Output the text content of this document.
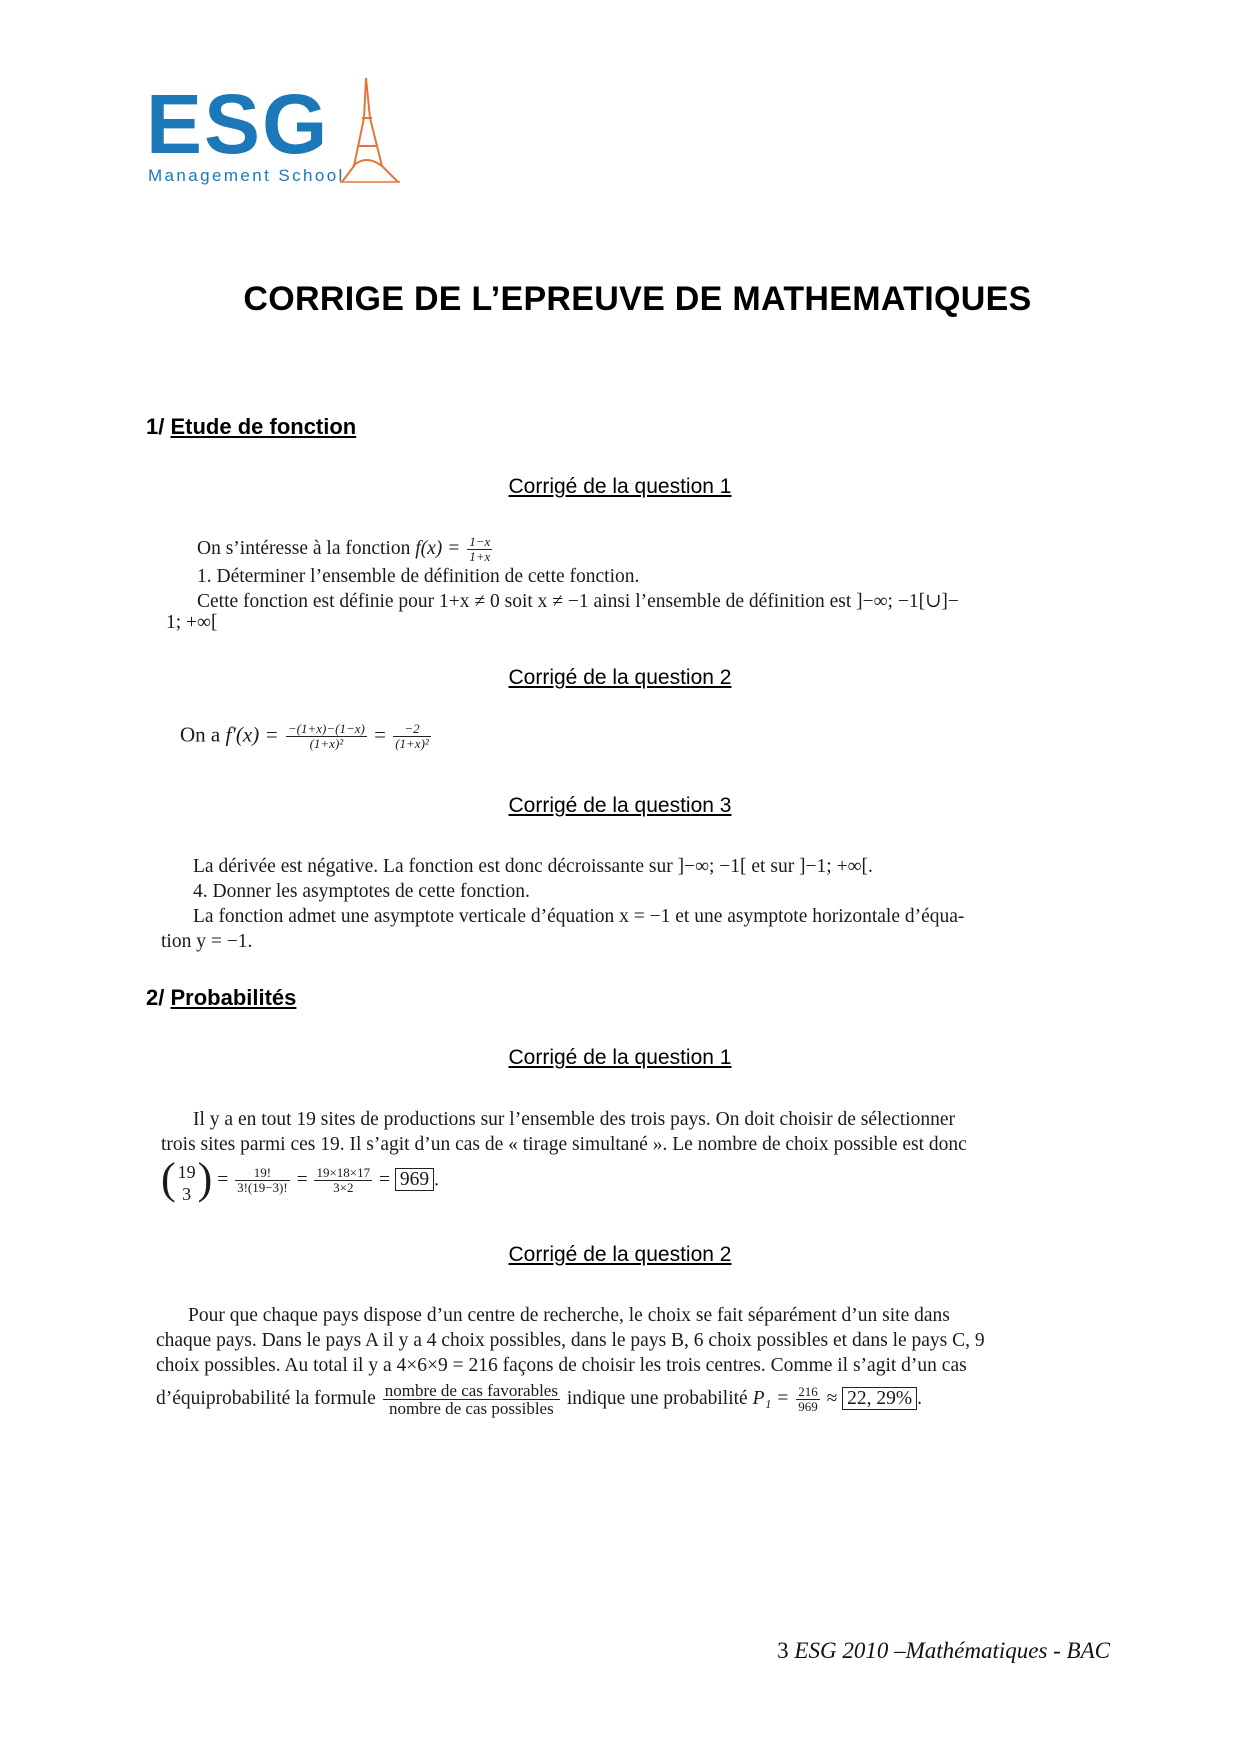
ESG
Management School
CORRIGE DE L’EPREUVE DE MATHEMATIQUES
1/ Etude de fonction
Corrigé de la question 1
On s’intéresse à la fonction $f(x) = \frac{1-x}{1+x}$
1. Déterminer l’ensemble de définition de cette fonction.
Cette fonction est définie pour 1+x ≠ 0 soit x ≠ −1 ainsi l’ensemble de définition est ]−∞; −1[∪]−
1; +∞[
Corrigé de la question 2
On a $f'(x) = \frac{-(1+x)-(1-x)}{\text{(1+x)²}} = \frac{-2}{\text{(1+x)²}}$
Corrigé de la question 3
La dérivée est négative. La fonction est donc décroissante sur ]−∞; −1[ et sur ]−1; +∞[.
4. Donner les asymptotes de cette fonction.
La fonction admet une asymptote verticale d’équation x = −1 et une asymptote horizontale d’équa-
tion y = −1.
2/ Probabilités
Corrigé de la question 1
Il y a en tout 19 sites de productions sur l’ensemble des trois pays. On doit choisir de sélectionner
trois sites parmi ces 19. Il s’agit d’un cas de « tirage simultané ». Le nombre de choix possible est donc
( 19
3 ) = $\frac{19!}{3!(19-3)!} = \frac{19\times 18\times 17}{3\times 2} = 969$ .
Corrigé de la question 2
Pour que chaque pays dispose d’un centre de recherche, le choix se fait séparément d’un site dans
chaque pays. Dans le pays A il y a 4 choix possibles, dans le pays B, 6 choix possibles et dans le pays C, 9
choix possibles. Au total il y a 4×6×9 = 216 façons de choisir les trois centres. Comme il s’agit d’un cas
d’équiprobabilité la formule $\frac{\text{nombre de cas favorables}}{\text{nombre de cas possibles}}$ indique une probabilité $P_1 = \frac{216}{969} \approx 22$, 29% .
3 ESG 2010 –Mathématiques - BAC
